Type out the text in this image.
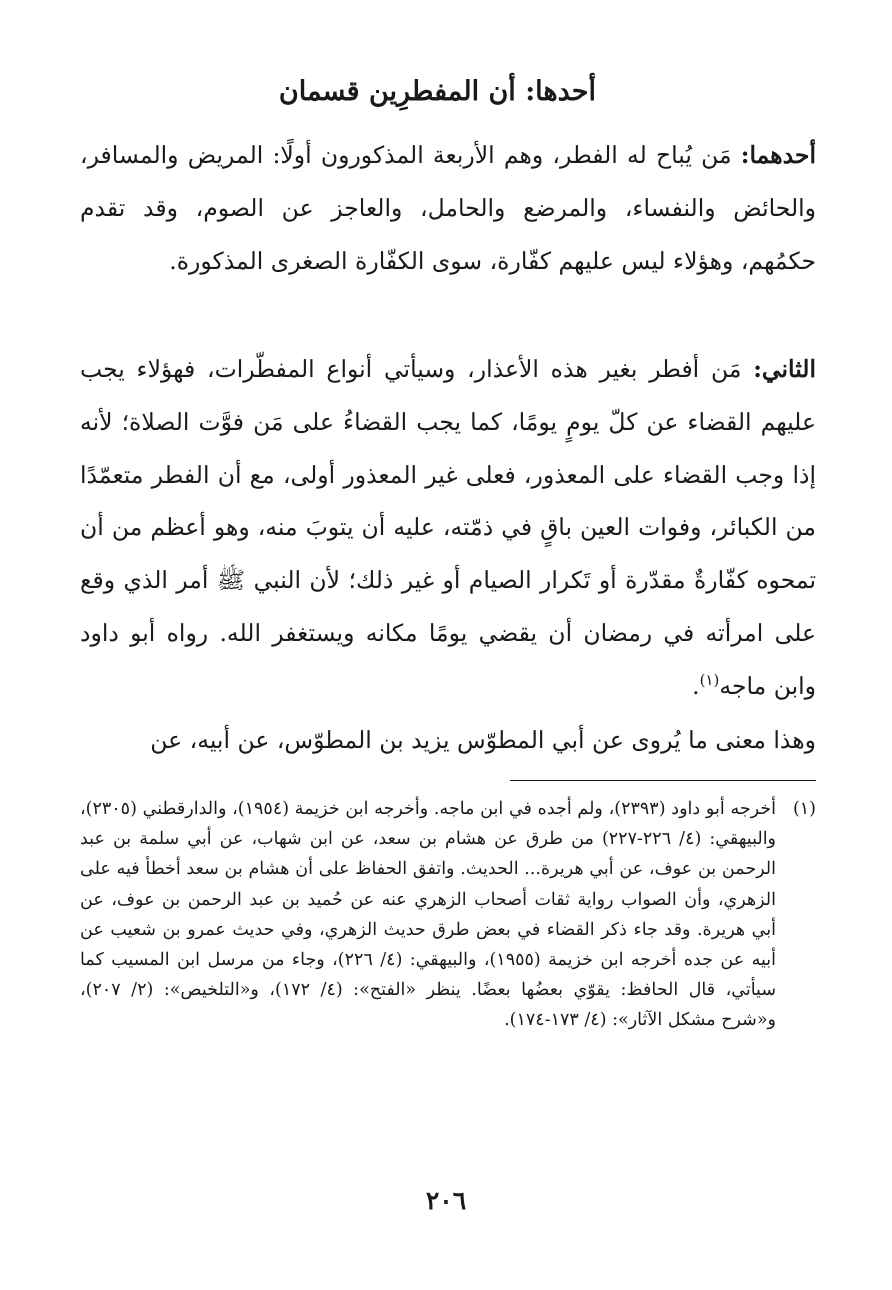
أحدها: أن المفطرِين قسمان

أحدهما: مَن يُباح له الفطر، وهم الأربعة المذكورون أولًا: المريض والمسافر، والحائض والنفساء، والمرضع والحامل، والعاجز عن الصوم، وقد تقدم حكمُهم، وهؤلاء ليس عليهم كفّارة، سوى الكفّارة الصغرى المذكورة.

الثاني: مَن أفطر بغير هذه الأعذار، وسيأتي أنواع المفطّرات، فهؤلاء يجب عليهم القضاء عن كلّ يومٍ يومًا، كما يجب القضاءُ على مَن فوَّت الصلاة؛ لأنه إذا وجب القضاء على المعذور، فعلى غير المعذور أولى، مع أن الفطر متعمّدًا من الكبائر، وفوات العين باقٍ في ذمّته، عليه أن يتوبَ منه، وهو أعظم من أن تمحوه كفّارةٌ مقدّرة أو تَكرار الصيام أو غير ذلك؛ لأن النبي ﷺ أمر الذي وقع على امرأته في رمضان أن يقضي يومًا مكانه ويستغفر الله. رواه أبو داود وابن ماجه$^{(١)}$.

وهذا معنى ما يُروى عن أبي المطوّس يزيد بن المطوّس، عن أبيه، عن

(١)
أخرجه أبو داود (٢٣٩٣)، ولم أجده في ابن ماجه. وأخرجه ابن خزيمة (١٩٥٤)، والدارقطني (٢٣٠٥)، والبيهقي: (٤/ ٢٢٦-٢٢٧) من طرق عن هشام بن سعد، عن ابن شهاب، عن أبي سلمة بن عبد الرحمن بن عوف، عن أبي هريرة... الحديث. واتفق الحفاظ على أن هشام بن سعد أخطأ فيه على الزهري، وأن الصواب رواية ثقات أصحاب الزهري عنه عن حُميد بن عبد الرحمن بن عوف، عن أبي هريرة. وقد جاء ذكر القضاء في بعض طرق حديث الزهري، وفي حديث عمرو بن شعيب عن أبيه عن جده أخرجه ابن خزيمة (١٩٥٥)، والبيهقي: (٤/ ٢٢٦)، وجاء من مرسل ابن المسيب كما سيأتي، قال الحافظ: يقوّي بعضُها بعضًا. ينظر «الفتح»: (٤/ ١٧٢)، و«التلخيص»: (٢/ ٢٠٧)، و«شرح مشكل الآثار»: (٤/ ١٧٣-١٧٤).
٢٠٦
